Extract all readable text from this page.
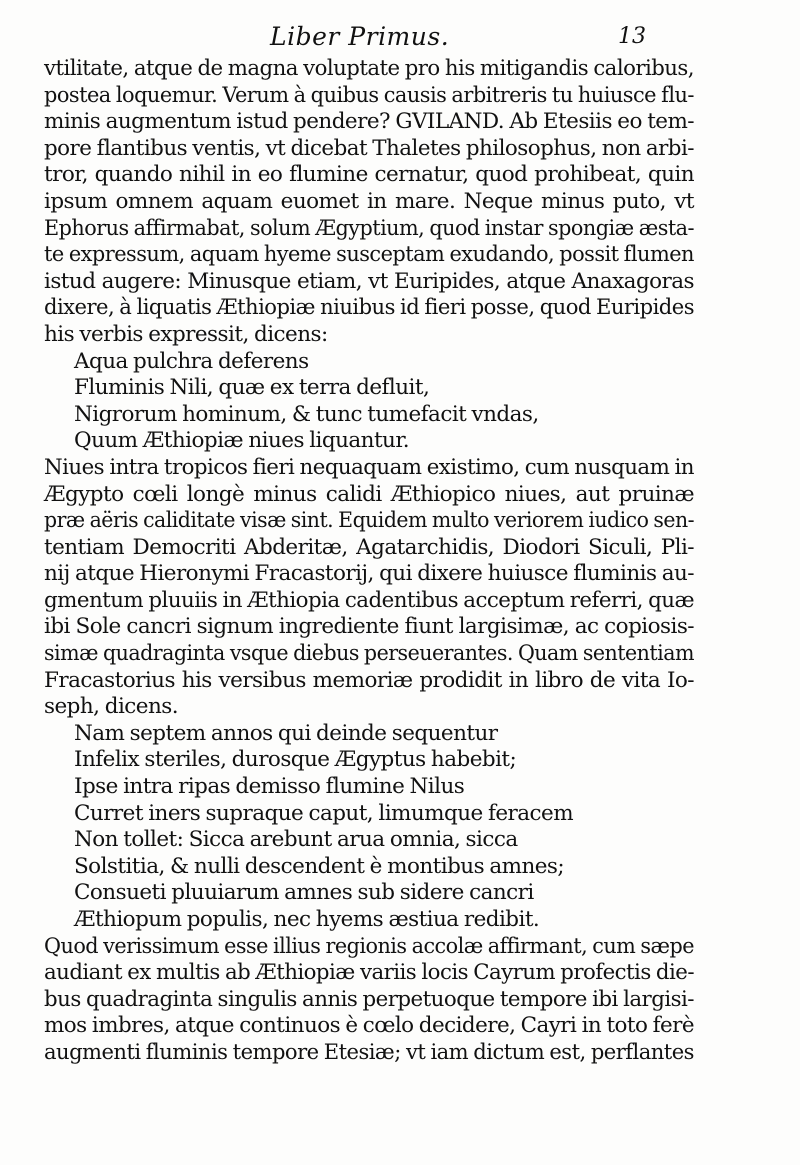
Liber Primus.	13
vtilitate, atque de magna voluptate pro his mitigandis caloribus,
postea loquemur. Verum à quibus causis arbitreris tu huiusce flu-
minis augmentum istud pendere? GVILAND. Ab Etesiis eo tem-
pore flantibus ventis, vt dicebat Thaletes philosophus, non arbi-
tror, quando nihil in eo flumine cernatur, quod prohibeat, quin
ipsum omnem aquam euomet in mare. Neque minus puto, vt
Ephorus affirmabat, solum Ægyptium, quod instar spongiæ æsta-
te expressum, aquam hyeme susceptam exudando, possit flumen
istud augere: Minusque etiam, vt Euripides, atque Anaxagoras
dixere, à liquatis Æthiopiæ niuibus id fieri posse, quod Euripides
his verbis expressit, dicens:
Aqua pulchra deferens
Fluminis Nili, quæ ex terra defluit,
Nigrorum hominum, & tunc tumefacit vndas,
Quum Æthiopiæ niues liquantur.
Niues intra tropicos fieri nequaquam existimo, cum nusquam in
Ægypto cœli longè minus calidi Æthiopico niues, aut pruinæ
præ aëris caliditate visæ sint. Equidem multo veriorem iudico sen-
tentiam Democriti Abderitæ, Agatarchidis, Diodori Siculi, Pli-
nij atque Hieronymi Fracastorij, qui dixere huiusce fluminis au-
gmentum pluuiis in Æthiopia cadentibus acceptum referri, quæ
ibi Sole cancri signum ingrediente fiunt largisimæ, ac copiosis-
simæ quadraginta vsque diebus perseuerantes. Quam sententiam
Fracastorius his versibus memoriæ prodidit in libro de vita Io-
seph, dicens.
Nam septem annos qui deinde sequentur
Infelix steriles, durosque Ægyptus habebit;
Ipse intra ripas demisso flumine Nilus
Curret iners supraque caput, limumque feracem
Non tollet: Sicca arebunt arua omnia, sicca
Solstitia, & nulli descendent è montibus amnes;
Consueti pluuiarum amnes sub sidere cancri
Æthiopum populis, nec hyems æstiua redibit.
Quod verissimum esse illius regionis accolæ affirmant, cum sæpe
audiant ex multis ab Æthiopiæ variis locis Cayrum profectis die-
bus quadraginta singulis annis perpetuoque tempore ibi largisi-
mos imbres, atque continuos è cœlo decidere, Cayri in toto ferè
augmenti fluminis tempore Etesiæ; vt iam dictum est, perflantes
